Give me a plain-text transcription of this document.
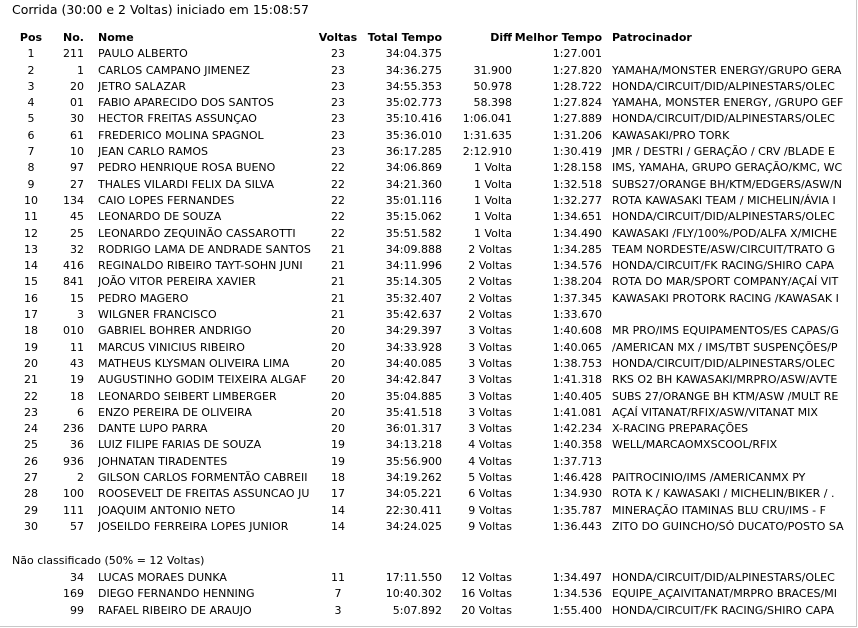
Corrida (30:00 e 2 Voltas) iniciado em 15:08:57
Pos	No.		Nome	Voltas	Total Tempo	Diff	Melhor Tempo		Patrocinador
1	211		PAULO ALBERTO	23	34:04.375		1:27.001		
2	1		CARLOS CAMPANO JIMENEZ	23	34:36.275	31.900	1:27.820		YAMAHA/MONSTER ENERGY/GRUPO GERA
3	20		JETRO SALAZAR	23	34:55.353	50.978	1:28.722		HONDA/CIRCUIT/DID/ALPINESTARS/OLEC
4	01		FABIO APARECIDO DOS SANTOS	23	35:02.773	58.398	1:27.824		YAMAHA, MONSTER ENERGY, /GRUPO GEF
5	30		HECTOR FREITAS ASSUNÇAO	23	35:10.416	1:06.041	1:27.889		HONDA/CIRCUIT/DID/ALPINESTARS/OLEC
6	61		FREDERICO MOLINA SPAGNOL	23	35:36.010	1:31.635	1:31.206		KAWASAKI/PRO TORK
7	10		JEAN CARLO RAMOS	23	36:17.285	2:12.910	1:30.419		JMR / DESTRI / GERAÇÃO / CRV /BLADE E
8	97		PEDRO HENRIQUE ROSA BUENO	22	34:06.869	1 Volta	1:28.158		IMS, YAMAHA, GRUPO GERAÇÃO/KMC, WC
9	27		THALES VILARDI FELIX DA SILVA	22	34:21.360	1 Volta	1:32.518		SUBS27/ORANGE BH/KTM/EDGERS/ASW/N
10	134		CAIO LOPES FERNANDES	22	35:01.116	1 Volta	1:32.277		ROTA KAWASAKI TEAM / MICHELIN/ÁVIA I
11	45		LEONARDO DE SOUZA	22	35:15.062	1 Volta	1:34.651		HONDA/CIRCUIT/DID/ALPINESTARS/OLEC
12	25		LEONARDO ZEQUINÃO CASSAROTTI	22	35:51.582	1 Volta	1:34.490		KAWASAKI /FLY/100%/POD/ALFA X/MICHE
13	32		RODRIGO LAMA DE ANDRADE SANTOS	21	34:09.888	2 Voltas	1:34.285		TEAM NORDESTE/ASW/CIRCUIT/TRATO G
14	416		REGINALDO RIBEIRO TAYT-SOHN JUNI	21	34:11.996	2 Voltas	1:34.576		HONDA/CIRCUIT/FK RACING/SHIRO CAPA
15	841		JOÃO VITOR PEREIRA XAVIER	21	35:14.305	2 Voltas	1:38.204		ROTA DO MAR/SPORT COMPANY/AÇAÍ VIT
16	15		PEDRO MAGERO	21	35:32.407	2 Voltas	1:37.345		KAWASAKI PROTORK RACING /KAWASAK I
17	3		WILGNER FRANCISCO	21	35:42.637	2 Voltas	1:33.670		
18	010		GABRIEL BOHRER ANDRIGO	20	34:29.397	3 Voltas	1:40.608		MR PRO/IMS EQUIPAMENTOS/ES CAPAS/G
19	11		MARCUS VINICIUS RIBEIRO	20	34:33.928	3 Voltas	1:40.065		/AMERICAN MX / IMS/TBT SUSPENÇÕES/P
20	43		MATHEUS KLYSMAN OLIVEIRA LIMA	20	34:40.085	3 Voltas	1:38.753		HONDA/CIRCUIT/DID/ALPINESTARS/OLEC
21	19		AUGUSTINHO GODIM TEIXEIRA ALGAF	20	34:42.847	3 Voltas	1:41.318		RKS O2 BH KAWASAKI/MRPRO/ASW/AVTE
22	18		LEONARDO SEIBERT LIMBERGER	20	35:04.885	3 Voltas	1:40.405		SUBS 27/ORANGE BH KTM/ASW /MULT RE
23	6		ENZO PEREIRA DE OLIVEIRA	20	35:41.518	3 Voltas	1:41.081		AÇAÍ VITANAT/RFIX/ASW/VITANAT MIX
24	236		DANTE LUPO PARRA	20	36:01.317	3 Voltas	1:42.234		X-RACING PREPARAÇÕES
25	36		LUIZ FILIPE FARIAS DE SOUZA	19	34:13.218	4 Voltas	1:40.358		WELL/MARCAOMXSCOOL/RFIX
26	936		JOHNATAN TIRADENTES	19	35:56.900	4 Voltas	1:37.713		
27	2		GILSON CARLOS FORMENTÃO CABREII	18	34:19.262	5 Voltas	1:46.428		PAITROCINIO/IMS /AMERICANMX PY
28	100		ROOSEVELT DE FREITAS ASSUNCAO JU	17	34:05.221	6 Voltas	1:34.930		ROTA K / KAWASAKI / MICHELIN/BIKER / .
29	111		JOAQUIM ANTONIO NETO	14	22:30.411	9 Voltas	1:35.787		MINERAÇÃO ITAMINAS BLU CRU/IMS - F
30	57		JOSEILDO FERREIRA LOPES JUNIOR	14	34:24.025	9 Voltas	1:36.443		ZITO DO GUINCHO/SÓ DUCATO/POSTO SA
Não classificado (50% = 12 Voltas)
	34		LUCAS MORAES DUNKA	11	17:11.550	12 Voltas	1:34.497		HONDA/CIRCUIT/DID/ALPINESTARS/OLEC
	169		DIEGO FERNANDO HENNING	7	10:40.302	16 Voltas	1:34.536		EQUIPE_AÇAIVITANAT/MRPRO BRACES/MI
	99		RAFAEL RIBEIRO DE ARAUJO	3	5:07.892	20 Voltas	1:55.400		HONDA/CIRCUIT/FK RACING/SHIRO CAPA
